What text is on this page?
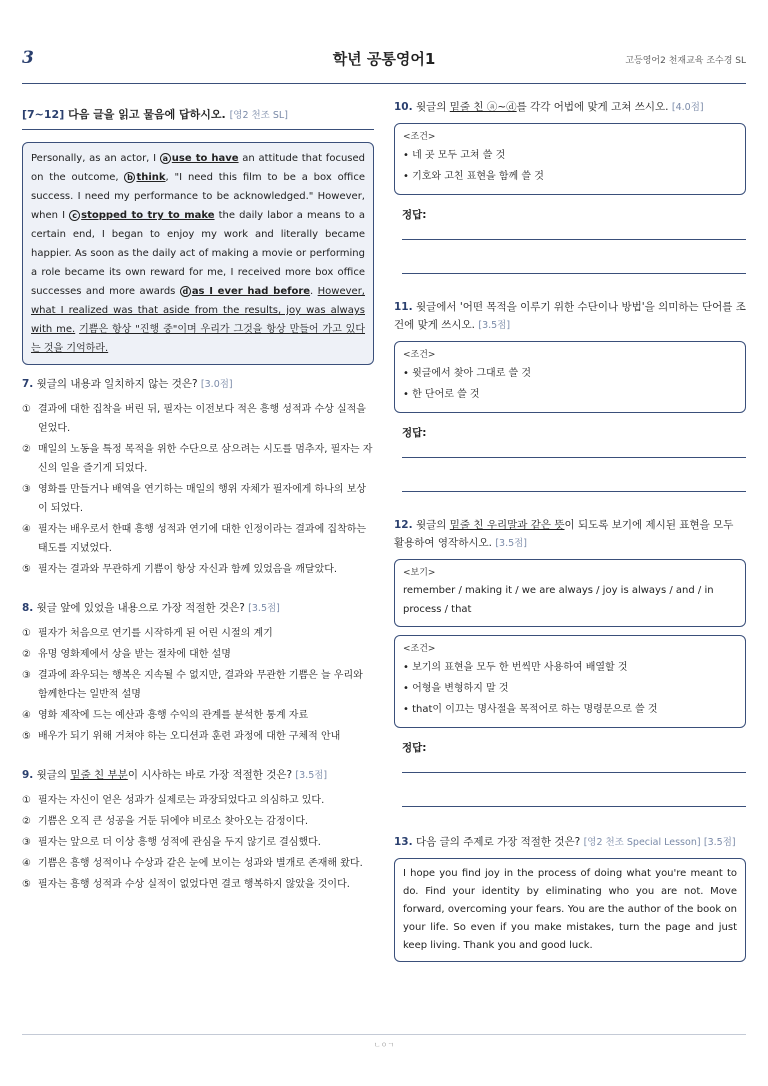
3	학년 공통영어1	고등영어2 천재교육 조수경 SL
[7~12] 다음 글을 읽고 물음에 답하시오. [영2 천조 SL]
Personally, as an actor, I a use to have an attitude that focused on the outcome, b think, "I need this film to be a box office success. I need my performance to be acknowledged." However, when I c stopped to try to make the daily labor a means to a certain end, I began to enjoy my work and literally became happier. As soon as the daily act of making a movie or performing a role became its own reward for me, I received more box office successes and more awards d as I ever had before. However, what I realized was that aside from the results, joy was always with me. 기쁨은 항상 "진행 중"이며 우리가 그것을 항상 만들어 가고 있다는 것을 기억하라.
7. 윗글의 내용과 일치하지 않는 것은? [3.0점]
① 결과에 대한 집착을 버린 뒤, 필자는 이전보다 적은 흥행 성적과 수상 실적을 얻었다.
② 매일의 노동을 특정 목적을 위한 수단으로 삼으려는 시도를 멈추자, 필자는 자신의 일을 즐기게 되었다.
③ 영화를 만들거나 배역을 연기하는 매일의 행위 자체가 필자에게 하나의 보상이 되었다.
④ 필자는 배우로서 한때 흥행 성적과 연기에 대한 인정이라는 결과에 집착하는 태도를 지녔었다.
⑤ 필자는 결과와 무관하게 기쁨이 항상 자신과 함께 있었음을 깨달았다.
8. 윗글 앞에 있었을 내용으로 가장 적절한 것은? [3.5점]
① 필자가 처음으로 연기를 시작하게 된 어린 시절의 계기
② 유명 영화제에서 상을 받는 절차에 대한 설명
③ 결과에 좌우되는 행복은 지속될 수 없지만, 결과와 무관한 기쁨은 늘 우리와 함께한다는 일반적 설명
④ 영화 제작에 드는 예산과 흥행 수익의 관계를 분석한 통계 자료
⑤ 배우가 되기 위해 거쳐야 하는 오디션과 훈련 과정에 대한 구체적 안내
9. 윗글의 밑줄 친 부분이 시사하는 바로 가장 적절한 것은? [3.5점]
① 필자는 자신이 얻은 성과가 실제로는 과장되었다고 의심하고 있다.
② 기쁨은 오직 큰 성공을 거둔 뒤에야 비로소 찾아오는 감정이다.
③ 필자는 앞으로 더 이상 흥행 성적에 관심을 두지 않기로 결심했다.
④ 기쁨은 흥행 성적이나 수상과 같은 눈에 보이는 성과와 별개로 존재해 왔다.
⑤ 필자는 흥행 성적과 수상 실적이 없었다면 결코 행복하지 않았을 것이다.
10. 윗글의 밑줄 친 ⓐ~ⓓ를 각각 어법에 맞게 고쳐 쓰시오. [4.0점]
<조건>
• 네 곳 모두 고쳐 쓸 것
• 기호와 고친 표현을 함께 쓸 것
정답:
11. 윗글에서 '어떤 목적을 이루기 위한 수단이나 방법'을 의미하는 단어를 조건에 맞게 쓰시오. [3.5점]
<조건>
• 윗글에서 찾아 그대로 쓸 것
• 한 단어로 쓸 것
정답:
12. 윗글의 밑줄 친 우리말과 같은 뜻이 되도록 보기에 제시된 표현을 모두 활용하여 영작하시오. [3.5점]
<보기>
remember / making it / we are always / joy is always / and / in process / that
<조건>
• 보기의 표현을 모두 한 번씩만 사용하여 배열할 것
• 어형을 변형하지 말 것
• that이 이끄는 명사절을 목적어로 하는 명령문으로 쓸 것
정답:
13. 다음 글의 주제로 가장 적절한 것은? [영2 천조 Special Lesson] [3.5점]
I hope you find joy in the process of doing what you're meant to do. Find your identity by eliminating who you are not. Move forward, overcoming your fears. You are the author of the book on your life. So even if you make mistakes, turn the page and just keep living. Thank you and good luck.
ㄴㅇㄱ
